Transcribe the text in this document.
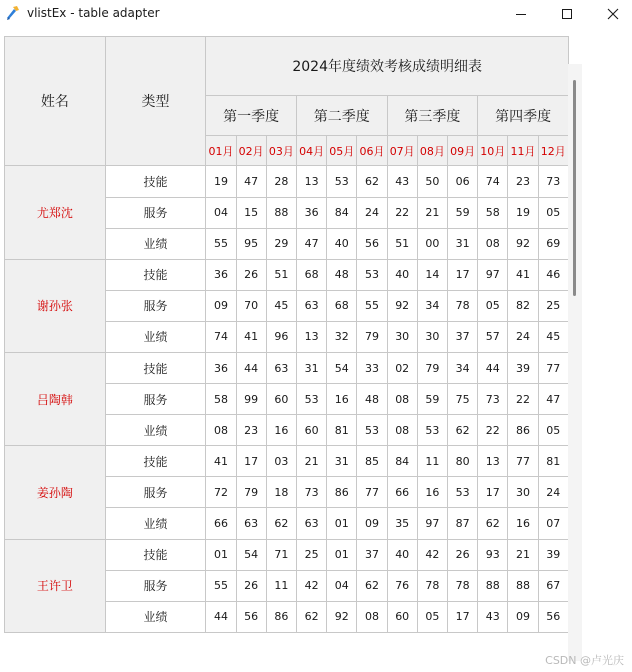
vlistEx - table adapter
姓名	类型	2024年度绩效考核成绩明细表											
		第一季度			第二季度			第三季度			第四季度		
		01月	02月	03月	04月	05月	06月	07月	08月	09月	10月	11月	12月
尤郑沈	技能	19	47	28	13	53	62	43	50	06	74	23	73
	服务	04	15	88	36	84	24	22	21	59	58	19	05
	业绩	55	95	29	47	40	56	51	00	31	08	92	69
谢孙张	技能	36	26	51	68	48	53	40	14	17	97	41	46
	服务	09	70	45	63	68	55	92	34	78	05	82	25
	业绩	74	41	96	13	32	79	30	30	37	57	24	45
吕陶韩	技能	36	44	63	31	54	33	02	79	34	44	39	77
	服务	58	99	60	53	16	48	08	59	75	73	22	47
	业绩	08	23	16	60	81	53	08	53	62	22	86	05
姜孙陶	技能	41	17	03	21	31	85	84	11	80	13	77	81
	服务	72	79	18	73	86	77	66	16	53	17	30	24
	业绩	66	63	62	63	01	09	35	97	87	62	16	07
王许卫	技能	01	54	71	25	01	37	40	42	26	93	21	39
	服务	55	26	11	42	04	62	76	78	78	88	88	67
	业绩	44	56	86	62	92	08	60	05	17	43	09	56
CSDN @卢光庆
